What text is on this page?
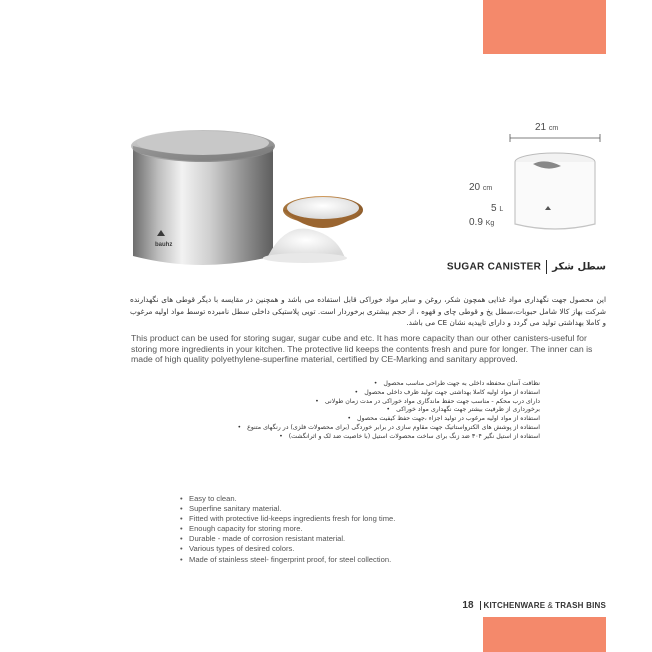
bauhz
21 cm
20 cm
5 L
0.9 Kg
SUGAR CANISTER سطل شکر
این محصول جهت نگهداری مواد غذایی همچون شکر، روغن و سایر مواد خوراکی قابل استفاده می باشد و همچنین در مقایسه با دیگر قوطی های نگهدارنده شرکت بهاز کالا شامل حبوبات،سطل یخ و قوطی چای و قهوه ، از حجم بیشتری برخوردار است. تویی پلاستیکی داخلی سطل نامبرده توسط مواد اولیه مرغوب و کاملا بهداشتی تولید می گردد و دارای تاییدیه نشان CE می باشد.
This product can be used for storing sugar, sugar cube and etc. It has more capacity than our other canisters-useful for storing more ingredients in your kitchen. The protective lid keeps the contents fresh and pure for longer. The inner can is made of high quality polyethylene-superfine material, certified by CE-Marking and sanitary approved.
نظافت آسان محفظه داخلی به جهت طراحی مناسب محصول •
استفاده از مواد اولیه کاملا بهداشتی جهت تولید ظرف داخلی محصول •
دارای درب محکم - مناسب جهت حفظ ماندگاری مواد خوراکی در مدت زمان طولانی •
برخورداری از ظرفیت بیشتر جهت نگهداری مواد خوراکی •
استفاده از مواد اولیه مرغوب در تولید اجزاء ،جهت حفظ کیفیت محصول •
استفاده از پوشش های الکترواستاتیک جهت مقاوم سازی در برابر خوردگی (برای محصولات فلزی) در رنگهای متنوع •
استفاده از استیل نگیر ۳۰۴ ضد زنگ برای ساخت محصولات استیل (با خاصیت ضد لک و اثرانگشت) •
• Easy to clean.
• Superfine sanitary material.
• Fitted with protective lid-keeps ingredients fresh for long time.
• Enough capacity for storing more.
• Durable - made of corrosion resistant material.
• Various types of desired colors.
• Made of stainless steel- fingerprint proof, for steel collection.
18 KITCHENWARE & TRASH BINS
